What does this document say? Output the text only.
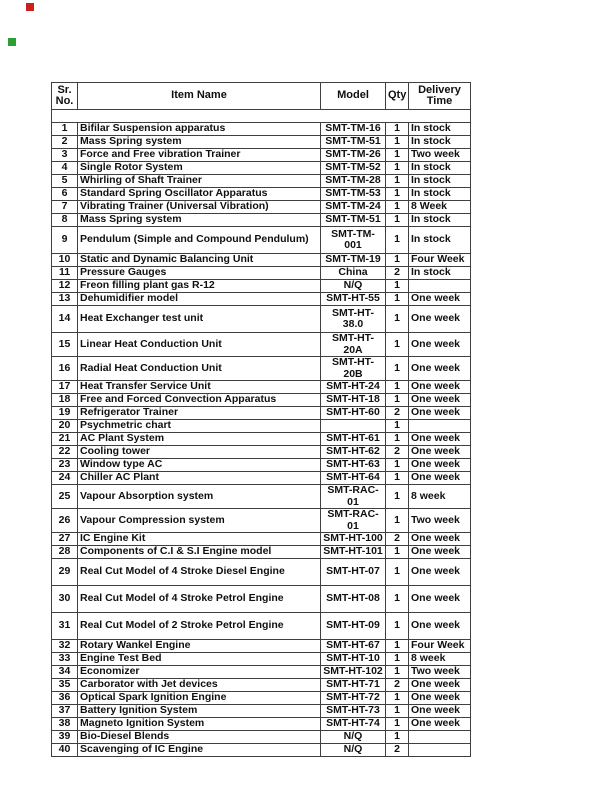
Sr. No.	Item Name	Model	Qty	Delivery Time

1	Bifilar Suspension apparatus	SMT-TM-16	1	In stock
2	Mass Spring system	SMT-TM-51	1	In stock
3	Force and Free vibration Trainer	SMT-TM-26	1	Two week
4	Single Rotor System	SMT-TM-52	1	In stock
5	Whirling of Shaft Trainer	SMT-TM-28	1	In stock
6	Standard Spring Oscillator Apparatus	SMT-TM-53	1	In stock
7	Vibrating Trainer (Universal Vibration)	SMT-TM-24	1	8 Week
8	Mass Spring system	SMT-TM-51	1	In stock
9	Pendulum (Simple and Compound Pendulum)	SMT-TM-001	1	In stock
10	Static and Dynamic Balancing Unit	SMT-TM-19	1	Four Week
11	Pressure Gauges	China	2	In stock
12	Freon filling plant gas R-12	N/Q	1	
13	Dehumidifier model	SMT-HT-55	1	One week
14	Heat Exchanger test unit	SMT-HT-38.0	1	One week
15	Linear Heat Conduction Unit	SMT-HT-20A	1	One week
16	Radial Heat Conduction Unit	SMT-HT-20B	1	One week
17	Heat Transfer Service Unit	SMT-HT-24	1	One week
18	Free and Forced Convection Apparatus	SMT-HT-18	1	One week
19	Refrigerator Trainer	SMT-HT-60	2	One week
20	Psychmetric chart		1	
21	AC Plant System	SMT-HT-61	1	One week
22	Cooling tower	SMT-HT-62	2	One week
23	Window type AC	SMT-HT-63	1	One week
24	Chiller AC Plant	SMT-HT-64	1	One week
25	Vapour Absorption system	SMT-RAC-01	1	8 week
26	Vapour Compression system	SMT-RAC-01	1	Two week
27	IC Engine Kit	SMT-HT-100	2	One week
28	Components of C.I & S.I Engine model	SMT-HT-101	1	One week
29	Real Cut Model of 4 Stroke Diesel Engine	SMT-HT-07	1	One week
30	Real Cut Model of 4 Stroke Petrol Engine	SMT-HT-08	1	One week
31	Real Cut Model of 2 Stroke Petrol Engine	SMT-HT-09	1	One week
32	Rotary Wankel Engine	SMT-HT-67	1	Four Week
33	Engine Test Bed	SMT-HT-10	1	8 week
34	Economizer	SMT-HT-102	1	Two week
35	Carborator with Jet devices	SMT-HT-71	2	One week
36	Optical Spark Ignition Engine	SMT-HT-72	1	One week
37	Battery Ignition System	SMT-HT-73	1	One week
38	Magneto Ignition System	SMT-HT-74	1	One week
39	Bio-Diesel Blends	N/Q	1	
40	Scavenging of IC Engine	N/Q	2	
